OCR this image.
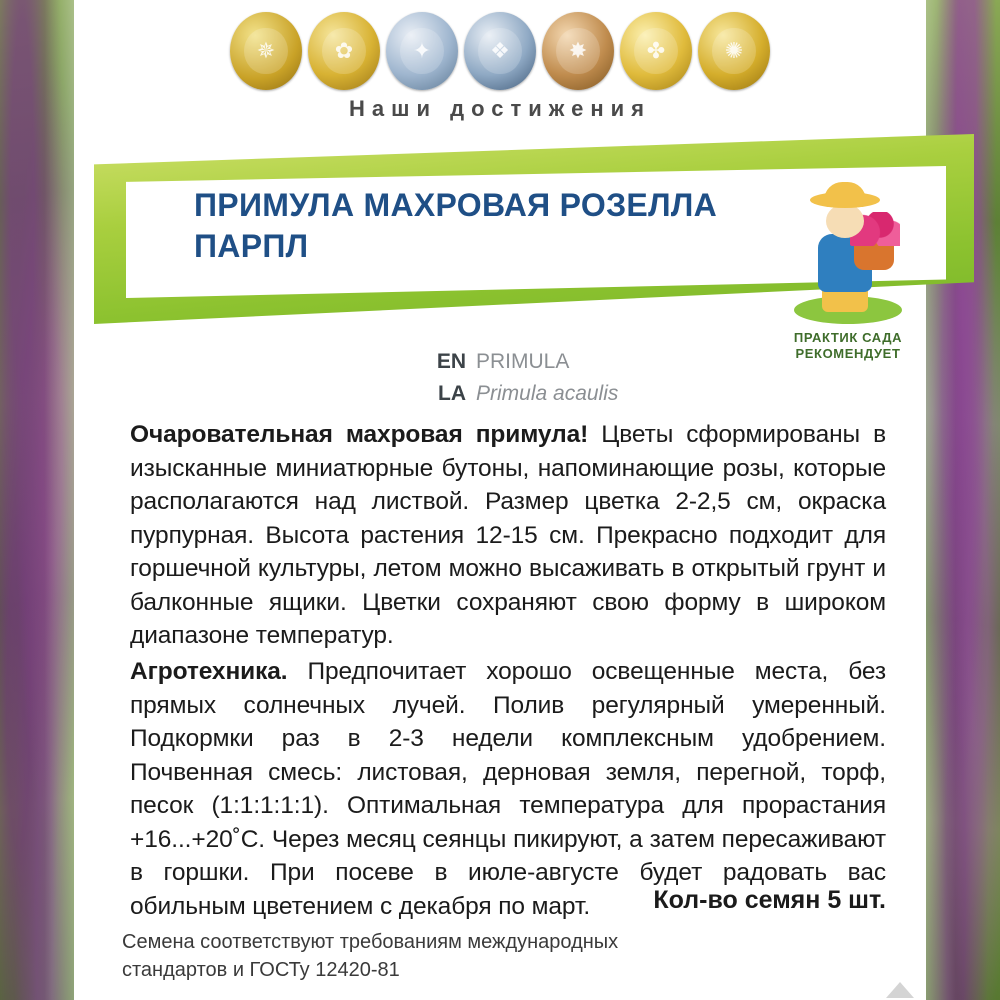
✵	✿	✦	❖	✸	✤	✺
Наши достижения
ПРИМУЛА МАХРОВАЯ РОЗЕЛЛА
ПАРПЛ
ПРАКТИК САДА
РЕКОМЕНДУЕТ
EN PRIMULA
LA Primula acaulis

Очаровательная махровая примула! Цветы сформированы в изысканные миниатюрные бутоны, напоминающие розы, которые располагаются над листвой. Размер цветка 2-2,5 см, окраска пурпурная. Высота растения 12-15 см. Прекрасно подходит для горшечной культуры, летом можно высаживать в открытый грунт и балконные ящики. Цветки сохраняют свою форму в широком диапазоне температур.

Агротехника. Предпочитает хорошо освещенные места, без прямых солнечных лучей. Полив регулярный умеренный. Подкормки раз в 2-3 недели комплексным удобрением. Почвенная смесь: листовая, дерновая земля, перегной, торф, песок (1:1:1:1:1). Оптимальная температура для прорастания +16...+20˚С. Через месяц сеянцы пикируют, а затем пересаживают в горшки. При посеве в июле-августе будет радовать вас обильным цветением с декабря по март.	Кол-во семян 5 шт.
Семена соответствуют требованиям международных
стандартов и ГОСТу 12420-81
